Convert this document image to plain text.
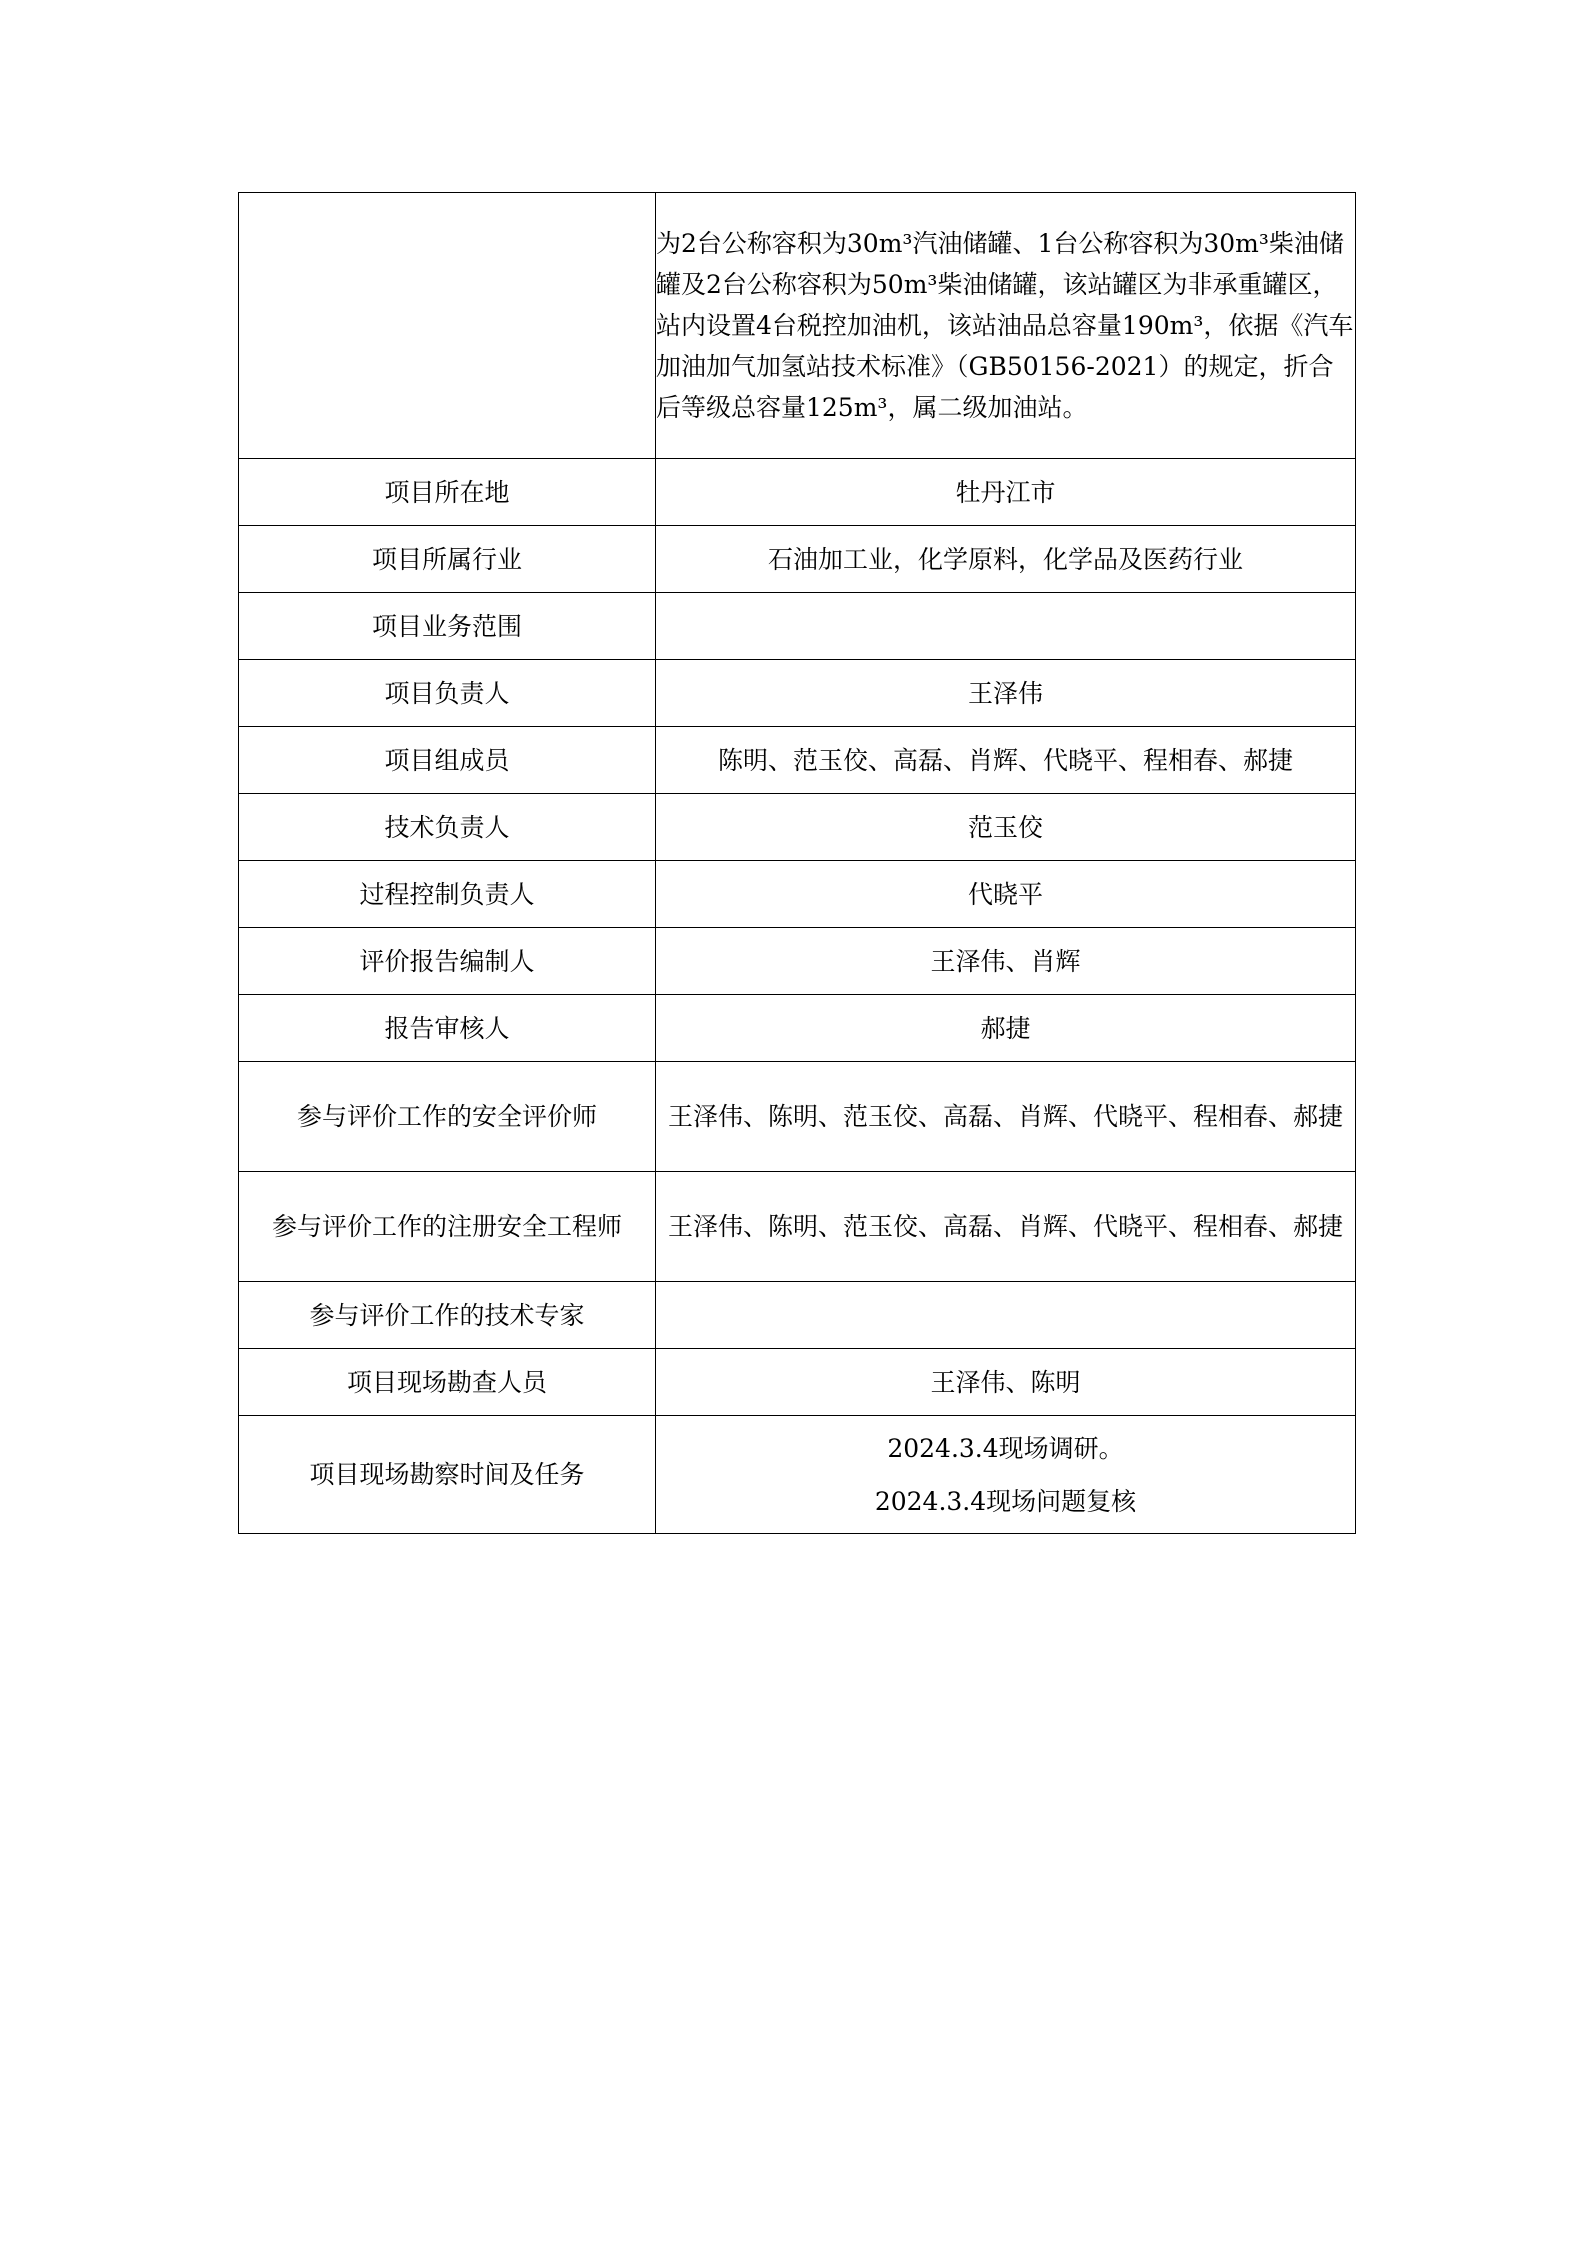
	为2台公称容积为30m³汽油储罐、1台公称容积为30m³柴油储罐及2台公称容积为50m³柴油储罐，该站罐区为非承重罐区，站内设置4台税控加油机，该站油品总容量190m³，依据《汽车加油加气加氢站技术标准》（GB50156-2021）的规定，折合后等级总容量125m³，属二级加油站。
项目所在地	牡丹江市
项目所属行业	石油加工业，化学原料，化学品及医药行业
项目业务范围	
项目负责人	王泽伟
项目组成员	陈明、范玉佼、高磊、肖辉、代晓平、程相春、郝捷
技术负责人	范玉佼
过程控制负责人	代晓平
评价报告编制人	王泽伟、肖辉
报告审核人	郝捷
参与评价工作的安全评价师	王泽伟、陈明、范玉佼、高磊、肖辉、代晓平、程相春、郝捷
参与评价工作的注册安全工程师	王泽伟、陈明、范玉佼、高磊、肖辉、代晓平、程相春、郝捷
参与评价工作的技术专家	
项目现场勘查人员	王泽伟、陈明
项目现场勘察时间及任务	2024.3.4现场调研。
2024.3.4现场问题复核
